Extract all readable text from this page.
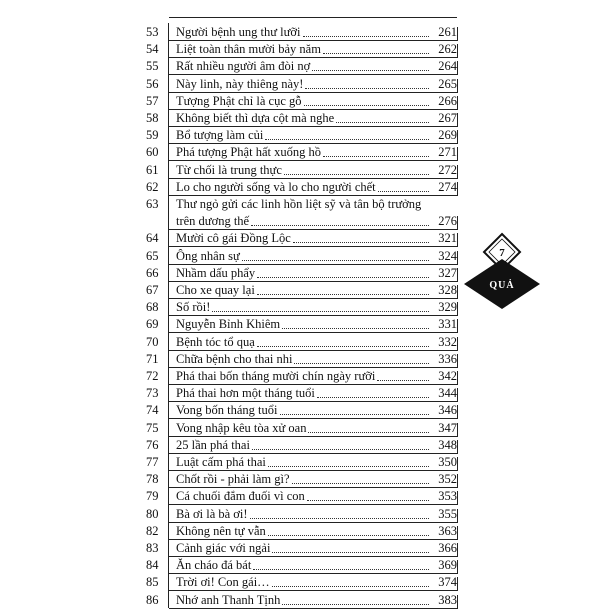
53	Người bệnh ung thư lưỡi	261
54	Liệt toàn thân mười bảy năm	262
55	Rất nhiều người âm đòi nợ	264
56	Này linh, này thiêng này!	265
57	Tượng Phật chỉ là cục gỗ	266
58	Không biết thì dựa cột mà nghe	267
59	Bổ tượng làm củi	269
60	Phá tượng Phật hất xuống hồ	271
61	Từ chối là trung thực	272
62	Lo cho người sống và lo cho người chết	274
63	Thư ngỏ gửi các linh hồn liệt sỹ và tân bộ trưởng
trên dương thế	276
64	Mười cô gái Đồng Lộc	321
65	Ông nhân sự	324
66	Nhầm dấu phẩy	327
67	Cho xe quay lại	328
68	Số rồi!	329
69	Nguyễn Bỉnh Khiêm	331
70	Bệnh tóc tổ quạ	332
71	Chữa bệnh cho thai nhi	336
72	Phá thai bốn tháng mười chín ngày rưỡi	342
73	Phá thai hơn một tháng tuổi	344
74	Vong bốn tháng tuổi	346
75	Vong nhập kêu tòa xử oan	347
76	25 lần phá thai	348
77	Luật cấm phá thai	350
78	Chốt rồi - phải làm gì?	352
79	Cá chuối đắm đuối vì con	353
80	Bà ơi là bà ơi!	355
82	Không nên tự vẫn	363
83	Cảnh giác với ngải	366
84	Ăn cháo đá bát	369
85	Trời ơi! Con gái…	374
86	Nhớ anh Thanh Tịnh	383
7
QUẢ
